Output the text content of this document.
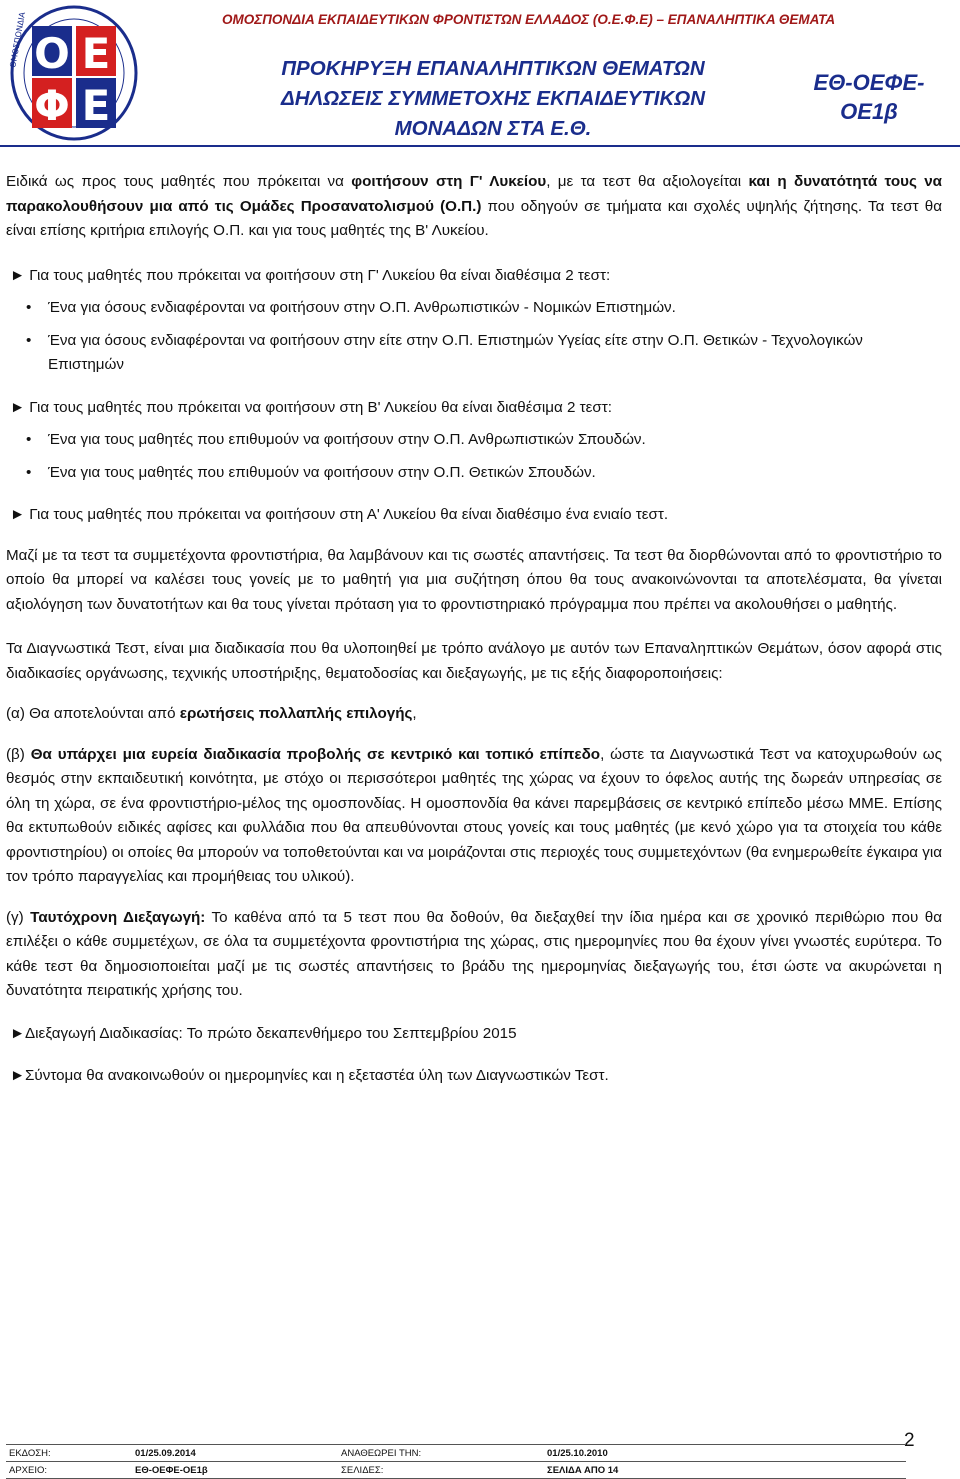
ΟΜΟΣΠΟΝΔΙΑ Ο Ε
Φ Ε
ΟΜΟΣΠΟΝΔΙΑ ΕΚΠΑΙΔΕΥΤΙΚΩΝ ΦΡΟΝΤΙΣΤΩΝ ΕΛΛΑΔΟΣ (Ο.Ε.Φ.Ε) – ΕΠΑΝΑΛΗΠΤΙΚΑ ΘΕΜΑΤΑ
ΠΡΟΚΗΡΥΞΗ ΕΠΑΝΑΛΗΠΤΙΚΩΝ ΘΕΜΑΤΩΝ
ΔΗΛΩΣΕΙΣ ΣΥΜΜΕΤΟΧΗΣ ΕΚΠΑΙΔΕΥΤΙΚΩΝ
ΜΟΝΑΔΩΝ ΣΤΑ Ε.Θ.
ΕΘ-ΟΕΦΕ-
ΟΕ1β

Ειδικά ως προς τους μαθητές που πρόκειται να φοιτήσουν στη Γ' Λυκείου, με τα τεστ θα αξιολογείται και η δυνατότητά τους να παρακολουθήσουν μια από τις Ομάδες Προσανατολισμού (Ο.Π.) που οδηγούν σε τμήματα και σχολές υψηλής ζήτησης. Τα τεστ θα είναι επίσης κριτήρια επιλογής Ο.Π. και για τους μαθητές της Β' Λυκείου.

► Για τους μαθητές που πρόκειται να φοιτήσουν στη Γ' Λυκείου θα είναι διαθέσιμα 2 τεστ:
• Ένα για όσους ενδιαφέρονται να φοιτήσουν στην Ο.Π. Ανθρωπιστικών - Νομικών Επιστημών.
• Ένα για όσους ενδιαφέρονται να φοιτήσουν στην είτε στην Ο.Π. Επιστημών Υγείας είτε στην Ο.Π. Θετικών - Τεχνολογικών Επιστημών
► Για τους μαθητές που πρόκειται να φοιτήσουν στη Β' Λυκείου θα είναι διαθέσιμα 2 τεστ:
• Ένα για τους μαθητές που επιθυμούν να φοιτήσουν στην Ο.Π. Ανθρωπιστικών Σπουδών.
• Ένα για τους μαθητές που επιθυμούν να φοιτήσουν στην Ο.Π. Θετικών Σπουδών.
► Για τους μαθητές που πρόκειται να φοιτήσουν στη Α' Λυκείου θα είναι διαθέσιμο ένα ενιαίο τεστ.

Μαζί με τα τεστ τα συμμετέχοντα φροντιστήρια, θα λαμβάνουν και τις σωστές απαντήσεις. Τα τεστ θα διορθώνονται από το φροντιστήριο το οποίο θα μπορεί να καλέσει τους γονείς με το μαθητή για μια συζήτηση όπου θα τους ανακοινώνονται τα αποτελέσματα, θα γίνεται αξιολόγηση των δυνατοτήτων και θα τους γίνεται πρόταση για το φροντιστηριακό πρόγραμμα που πρέπει να ακολουθήσει ο μαθητής.

Τα Διαγνωστικά Τεστ, είναι μια διαδικασία που θα υλοποιηθεί με τρόπο ανάλογο με αυτόν των Επαναληπτικών Θεμάτων, όσον αφορά στις διαδικασίες οργάνωσης, τεχνικής υποστήριξης, θεματοδοσίας και διεξαγωγής, με τις εξής διαφοροποιήσεις:

(α) Θα αποτελούνται από ερωτήσεις πολλαπλής επιλογής,

(β) Θα υπάρχει μια ευρεία διαδικασία προβολής σε κεντρικό και τοπικό επίπεδο, ώστε τα Διαγνωστικά Τεστ να κατοχυρωθούν ως θεσμός στην εκπαιδευτική κοινότητα, με στόχο οι περισσότεροι μαθητές της χώρας να έχουν το όφελος αυτής της δωρεάν υπηρεσίας σε όλη τη χώρα, σε ένα φροντιστήριο-μέλος της ομοσπονδίας. Η ομοσπονδία θα κάνει παρεμβάσεις σε κεντρικό επίπεδο μέσω ΜΜΕ. Επίσης θα εκτυπωθούν ειδικές αφίσες και φυλλάδια που θα απευθύνονται στους γονείς και τους μαθητές (με κενό χώρο για τα στοιχεία του κάθε φροντιστηρίου) οι οποίες θα μπορούν να τοποθετούνται και να μοιράζονται στις περιοχές τους συμμετεχόντων (θα ενημερωθείτε έγκαιρα για τον τρόπο παραγγελίας και προμήθειας του υλικού).

(γ) Ταυτόχρονη Διεξαγωγή: Το καθένα από τα 5 τεστ που θα δοθούν, θα διεξαχθεί την ίδια ημέρα και σε χρονικό περιθώριο που θα επιλέξει ο κάθε συμμετέχων, σε όλα τα συμμετέχοντα φροντιστήρια της χώρας, στις ημερομηνίες που θα έχουν γίνει γνωστές ευρύτερα. Το κάθε τεστ θα δημοσιοποιείται μαζί με τις σωστές απαντήσεις το βράδυ της ημερομηνίας διεξαγωγής του, έτσι ώστε να ακυρώνεται η δυνατότητα πειρατικής χρήσης του.

►Διεξαγωγή Διαδικασίας: Το πρώτο δεκαπενθήμερο του Σεπτεμβρίου 2015
►Σύντομα θα ανακοινωθούν οι ημερομηνίες και η εξεταστέα ύλη των Διαγνωστικών Τεστ.
2
ΕΚΔΟΣΗ:	01/25.09.2014	ΑΝΑΘΕΩΡΕΙ ΤΗΝ:	01/25.10.2010
ΑΡΧΕΙΟ:	ΕΘ-ΟΕΦΕ-ΟΕ1β	ΣΕΛΙΔΕΣ:	ΣΕΛΙΔΑ ΑΠΟ 14
